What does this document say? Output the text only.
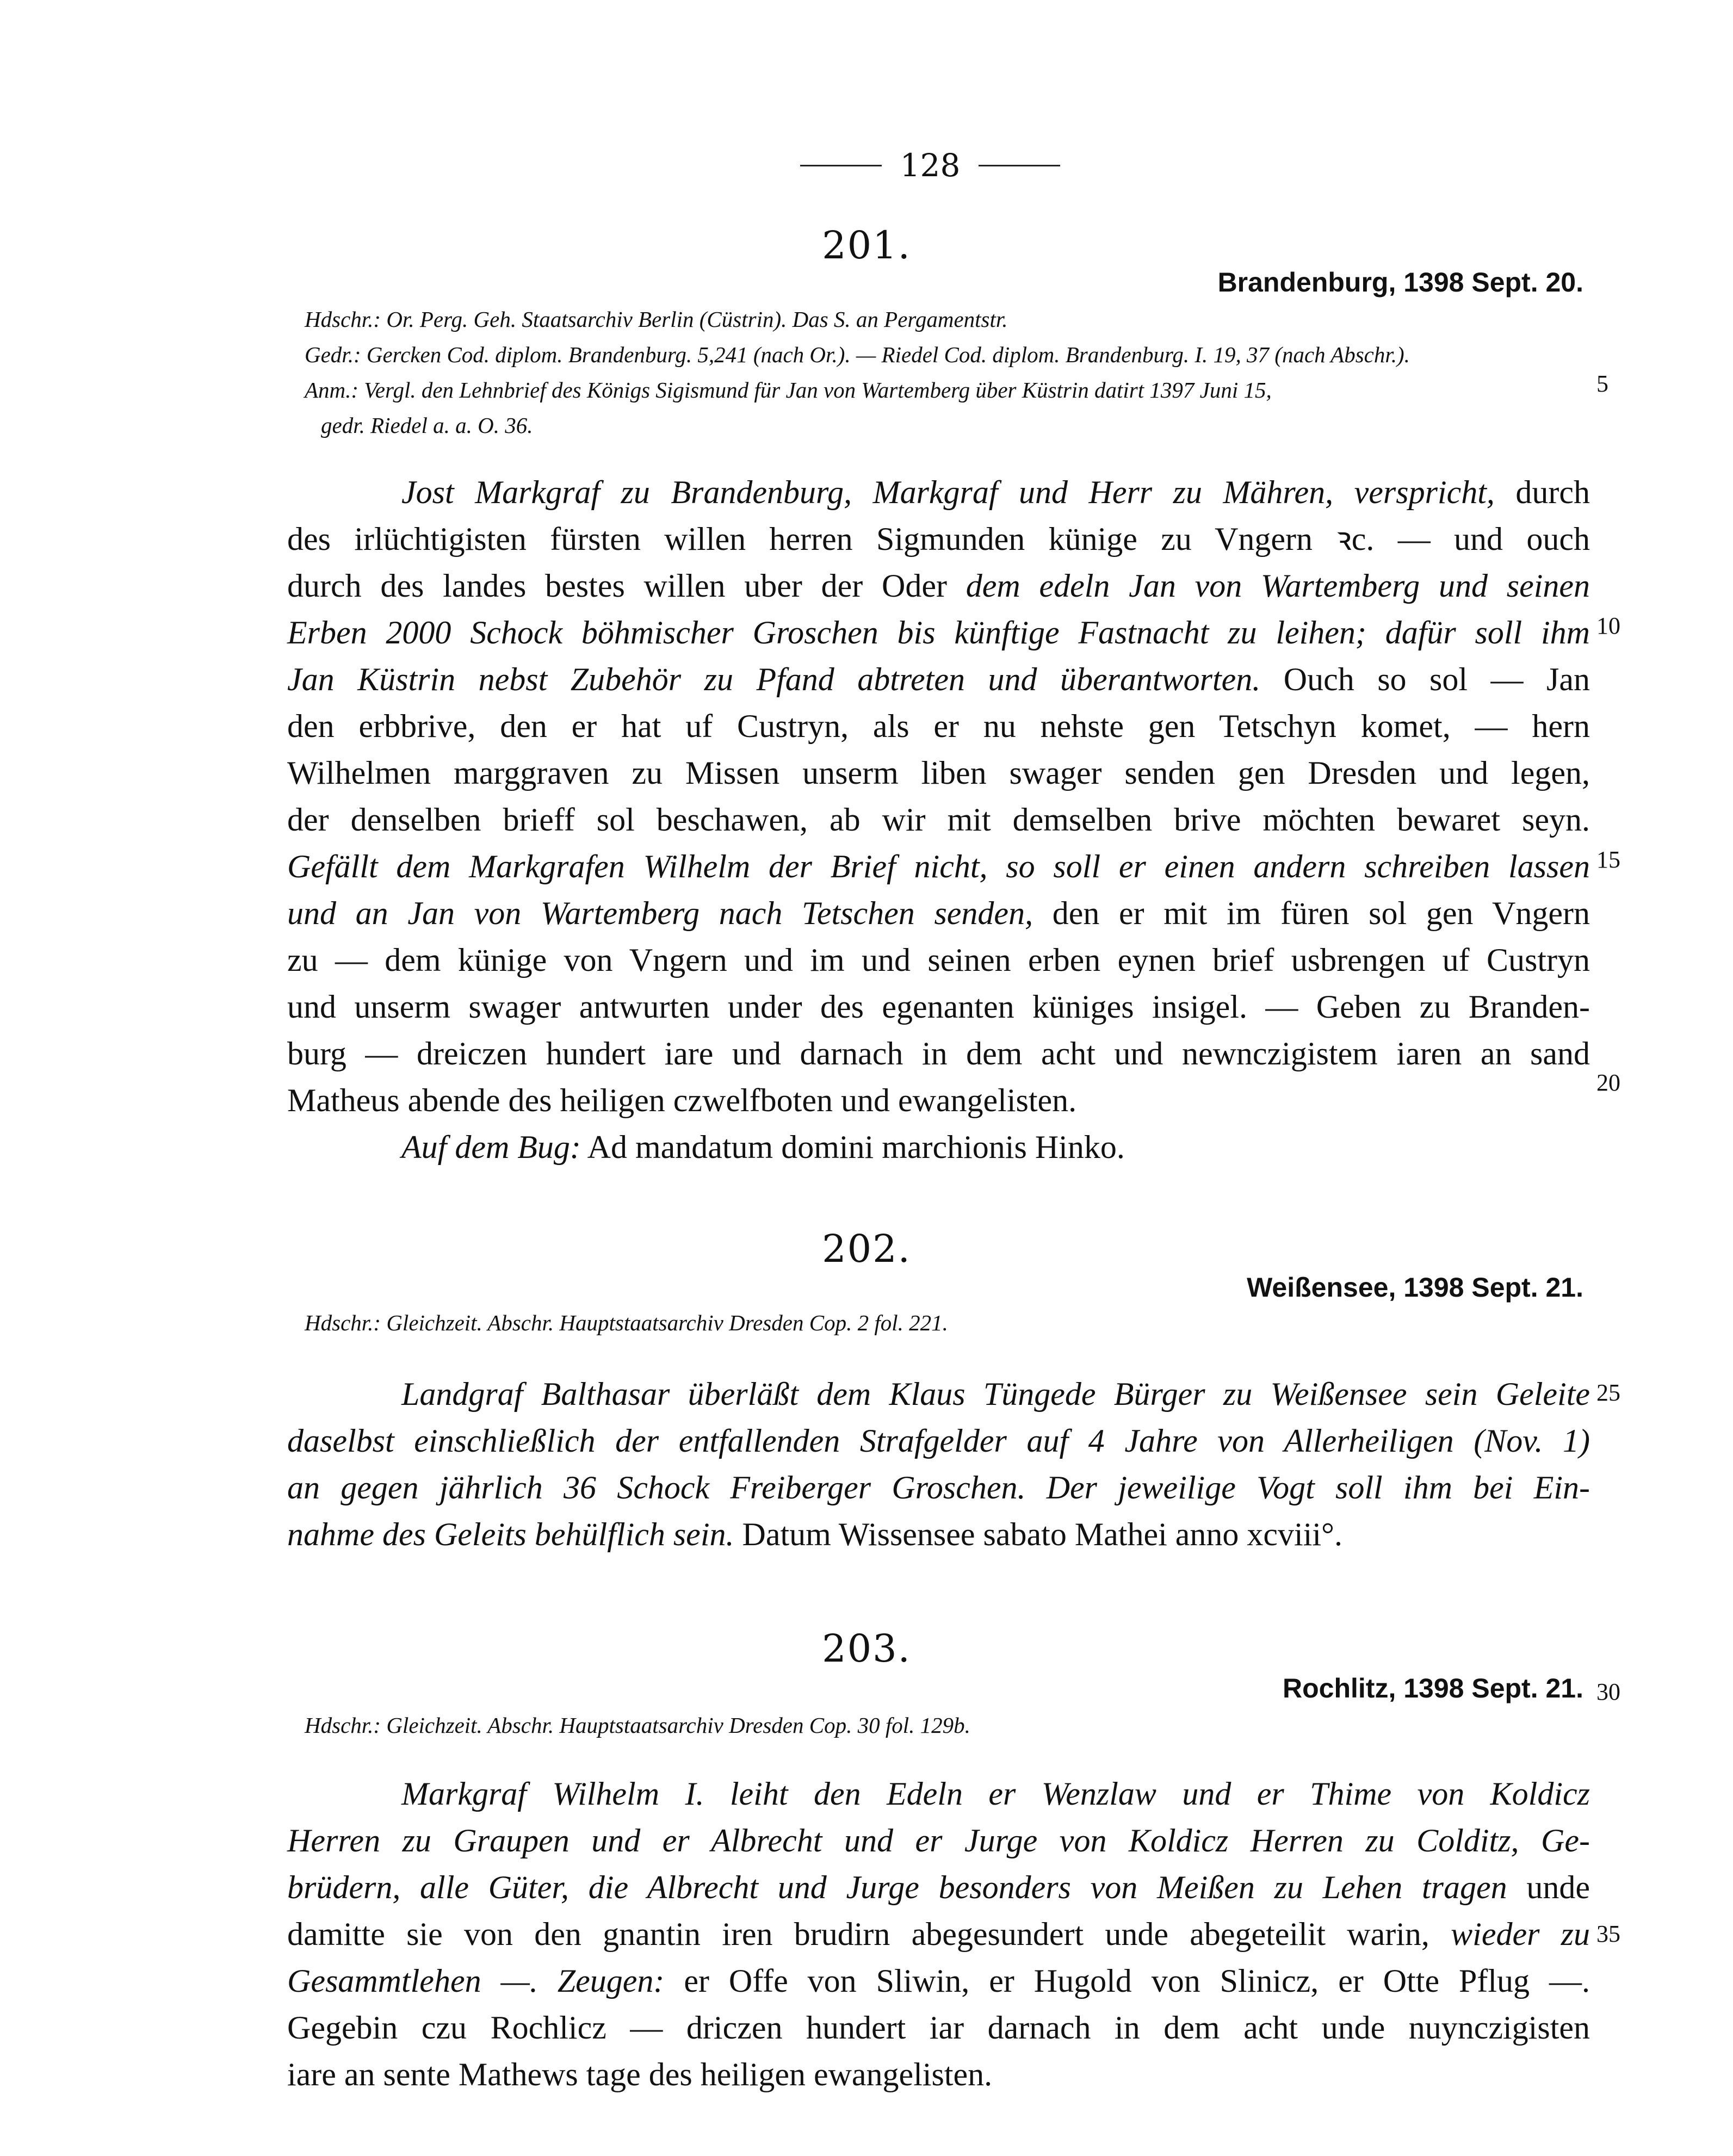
128
201.
Brandenburg, 1398 Sept. 20.

Hdschr.: Or. Perg. Geh. Staatsarchiv Berlin (Cüstrin). Das S. an Pergamentstr.

Gedr.: Gercken Cod. diplom. Brandenburg. 5,241 (nach Or.). — Riedel Cod. diplom. Brandenburg. I. 19, 37 (nach Abschr.).

Anm.: Vergl. den Lehnbrief des Königs Sigismund für Jan von Wartemberg über Küstrin datirt 1397 Juni 15,

gedr. Riedel a. a. O. 36.

5
Jost Markgraf zu Brandenburg, Markgraf und Herr zu Mähren, verspricht, durch
des irlüchtigisten fürsten willen herren Sigmunden künige zu Vngern ꝛc. — und ouch
durch des landes bestes willen uber der Oder dem edeln Jan von Wartemberg und seinen
Erben 2000 Schock böhmischer Groschen bis künftige Fastnacht zu leihen; dafür soll ihm
Jan Küstrin nebst Zubehör zu Pfand abtreten und überantworten. Ouch so sol — Jan
den erbbrive, den er hat uf Custryn, als er nu nehste gen Tetschyn komet, — hern
Wilhelmen marggraven zu Missen unserm liben swager senden gen Dresden und legen,
der denselben brieff sol beschawen, ab wir mit demselben brive möchten bewaret seyn.
Gefällt dem Markgrafen Wilhelm der Brief nicht, so soll er einen andern schreiben lassen
und an Jan von Wartemberg nach Tetschen senden, den er mit im füren sol gen Vngern
zu — dem künige von Vngern und im und seinen erben eynen brief usbrengen uf Custryn
und unserm swager antwurten under des egenanten küniges insigel. — Geben zu Branden-
burg — dreiczen hundert iare und darnach in dem acht und newnczigistem iaren an sand
Matheus abende des heiligen czwelfboten und ewangelisten.
Auf dem Bug: Ad mandatum domini marchionis Hinko.
10
15
20
202.
Weißensee, 1398 Sept. 21.

Hdschr.: Gleichzeit. Abschr. Hauptstaatsarchiv Dresden Cop. 2 fol. 221.

Landgraf Balthasar überläßt dem Klaus Tüngede Bürger zu Weißensee sein Geleite
daselbst einschließlich der entfallenden Strafgelder auf 4 Jahre von Allerheiligen (Nov. 1)
an gegen jährlich 36 Schock Freiberger Groschen. Der jeweilige Vogt soll ihm bei Ein-
nahme des Geleits behülflich sein. Datum Wissensee sabato Mathei anno xcviii°.
25
203.
Rochlitz, 1398 Sept. 21. 30

Hdschr.: Gleichzeit. Abschr. Hauptstaatsarchiv Dresden Cop. 30 fol. 129b.

Markgraf Wilhelm I. leiht den Edeln er Wenzlaw und er Thime von Koldicz
Herren zu Graupen und er Albrecht und er Jurge von Koldicz Herren zu Colditz, Ge-
brüdern, alle Güter, die Albrecht und Jurge besonders von Meißen zu Lehen tragen unde
damitte sie von den gnantin iren brudirn abegesundert unde abegeteilit warin, wieder zu
Gesammtlehen —. Zeugen: er Offe von Sliwin, er Hugold von Slinicz, er Otte Pflug —.
Gegebin czu Rochlicz — driczen hundert iar darnach in dem acht unde nuynczigisten
iare an sente Mathews tage des heiligen ewangelisten.
35
